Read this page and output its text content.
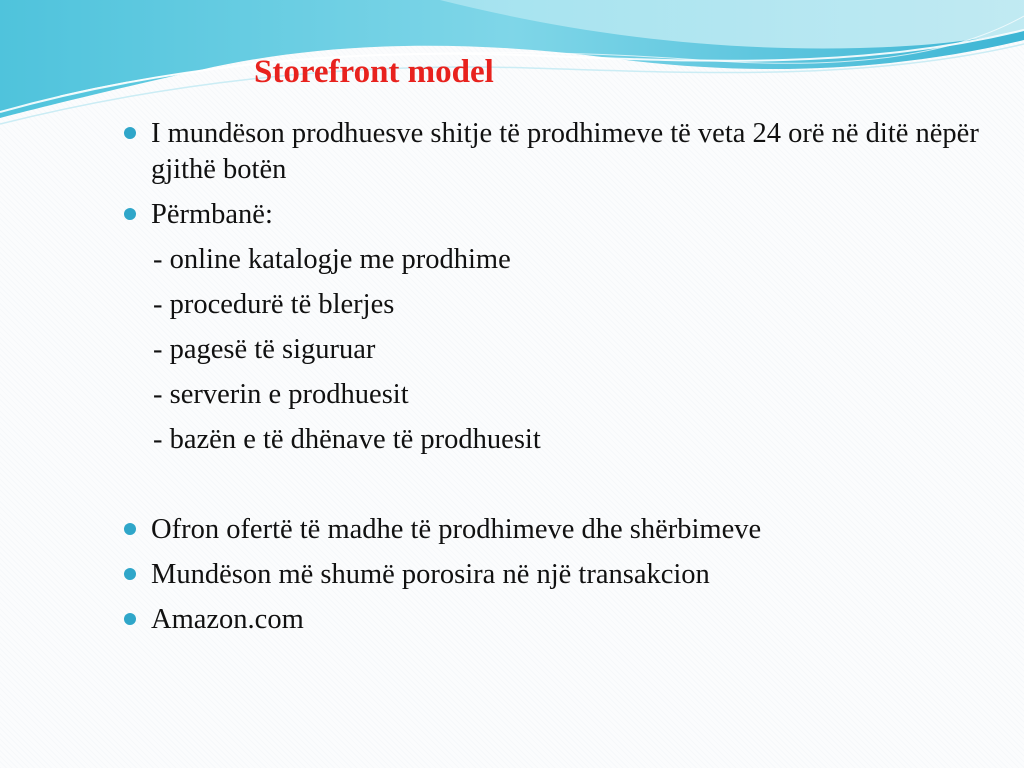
Storefront model
I mundëson prodhuesve shitje të prodhimeve të veta 24 orë në ditë nëpër gjithë botën
Përmbanë:
- online katalogje me prodhime
- procedurë të blerjes
- pagesë të siguruar
- serverin e prodhuesit
- bazën e të dhënave të prodhuesit
Ofron ofertë të madhe të prodhimeve dhe shërbimeve
Mundëson më shumë porosira në një transakcion
Amazon.com
